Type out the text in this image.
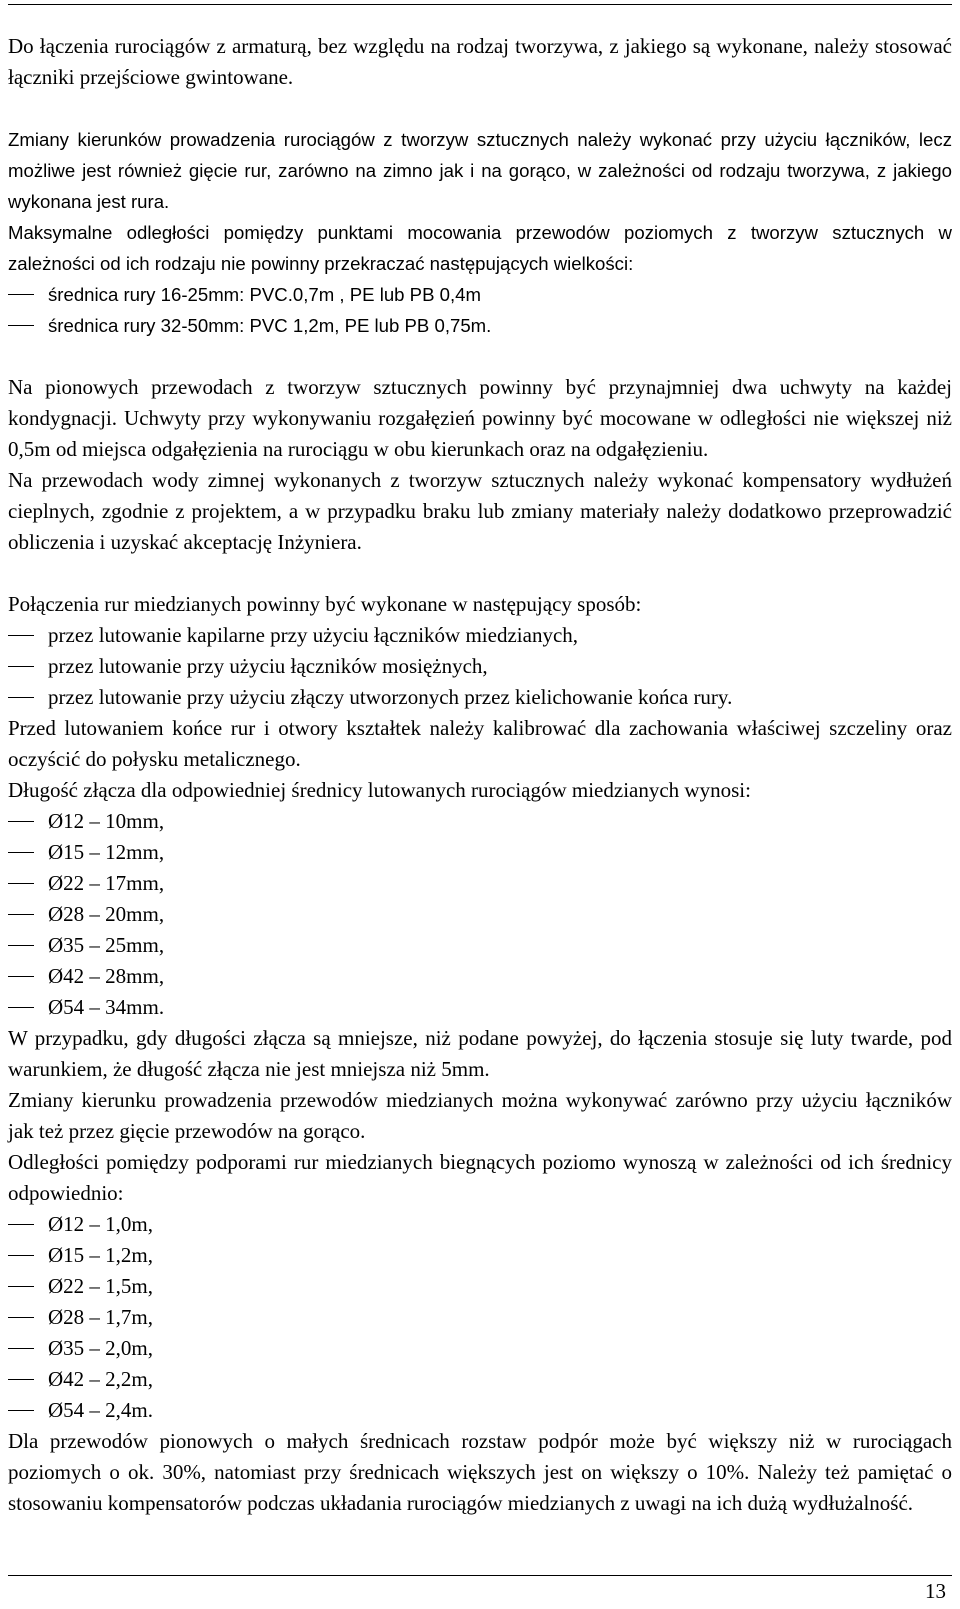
Do łączenia rurociągów z armaturą, bez względu na rodzaj tworzywa, z jakiego są wykonane, należy stosować łączniki przejściowe gwintowane.

Zmiany kierunków prowadzenia rurociągów z tworzyw sztucznych należy wykonać przy użyciu łączników, lecz możliwe jest również gięcie rur, zarówno na zimno jak i na gorąco, w zależności od rodzaju tworzywa, z jakiego wykonana jest rura.

Maksymalne odległości pomiędzy punktami mocowania przewodów poziomych z tworzyw sztucznych w zależności od ich rodzaju nie powinny przekraczać następujących wielkości:

średnica rury 16-25mm: PVC.0,7m , PE lub PB 0,4m
średnica rury 32-50mm: PVC 1,2m, PE lub PB 0,75m.

Na pionowych przewodach z tworzyw sztucznych powinny być przynajmniej dwa uchwyty na każdej kondygnacji. Uchwyty przy wykonywaniu rozgałęzień powinny być mocowane w odległości nie większej niż 0,5m od miejsca odgałęzienia na rurociągu w obu kierunkach oraz na odgałęzieniu.

Na przewodach wody zimnej wykonanych z tworzyw sztucznych należy wykonać kompensatory wydłużeń cieplnych, zgodnie z projektem, a w przypadku braku lub zmiany materiały należy dodatkowo przeprowadzić obliczenia i uzyskać akceptację Inżyniera.

Połączenia rur miedzianych powinny być wykonane w następujący sposób:

przez lutowanie kapilarne przy użyciu łączników miedzianych,
przez lutowanie przy użyciu łączników mosiężnych,
przez lutowanie przy użyciu złączy utworzonych przez kielichowanie końca rury.

Przed lutowaniem końce rur i otwory kształtek należy kalibrować dla zachowania właściwej szczeliny oraz oczyścić do połysku metalicznego.

Długość złącza dla odpowiedniej średnicy lutowanych rurociągów miedzianych wynosi:

Ø12 – 10mm,
Ø15 – 12mm,
Ø22 – 17mm,
Ø28 – 20mm,
Ø35 – 25mm,
Ø42 – 28mm,
Ø54 – 34mm.

W przypadku, gdy długości złącza są mniejsze, niż podane powyżej, do łączenia stosuje się luty twarde, pod warunkiem, że długość złącza nie jest mniejsza niż 5mm.

Zmiany kierunku prowadzenia przewodów miedzianych można wykonywać zarówno przy użyciu łączników jak też przez gięcie przewodów na gorąco.

Odległości pomiędzy podporami rur miedzianych biegnących poziomo wynoszą w zależności od ich średnicy odpowiednio:

Ø12 – 1,0m,
Ø15 – 1,2m,
Ø22 – 1,5m,
Ø28 – 1,7m,
Ø35 – 2,0m,
Ø42 – 2,2m,
Ø54 – 2,4m.

Dla przewodów pionowych o małych średnicach rozstaw podpór może być większy niż w rurociągach poziomych o ok. 30%, natomiast przy średnicach większych jest on większy o 10%. Należy też pamiętać o stosowaniu kompensatorów podczas układania rurociągów miedzianych z uwagi na ich dużą wydłużalność.

13
